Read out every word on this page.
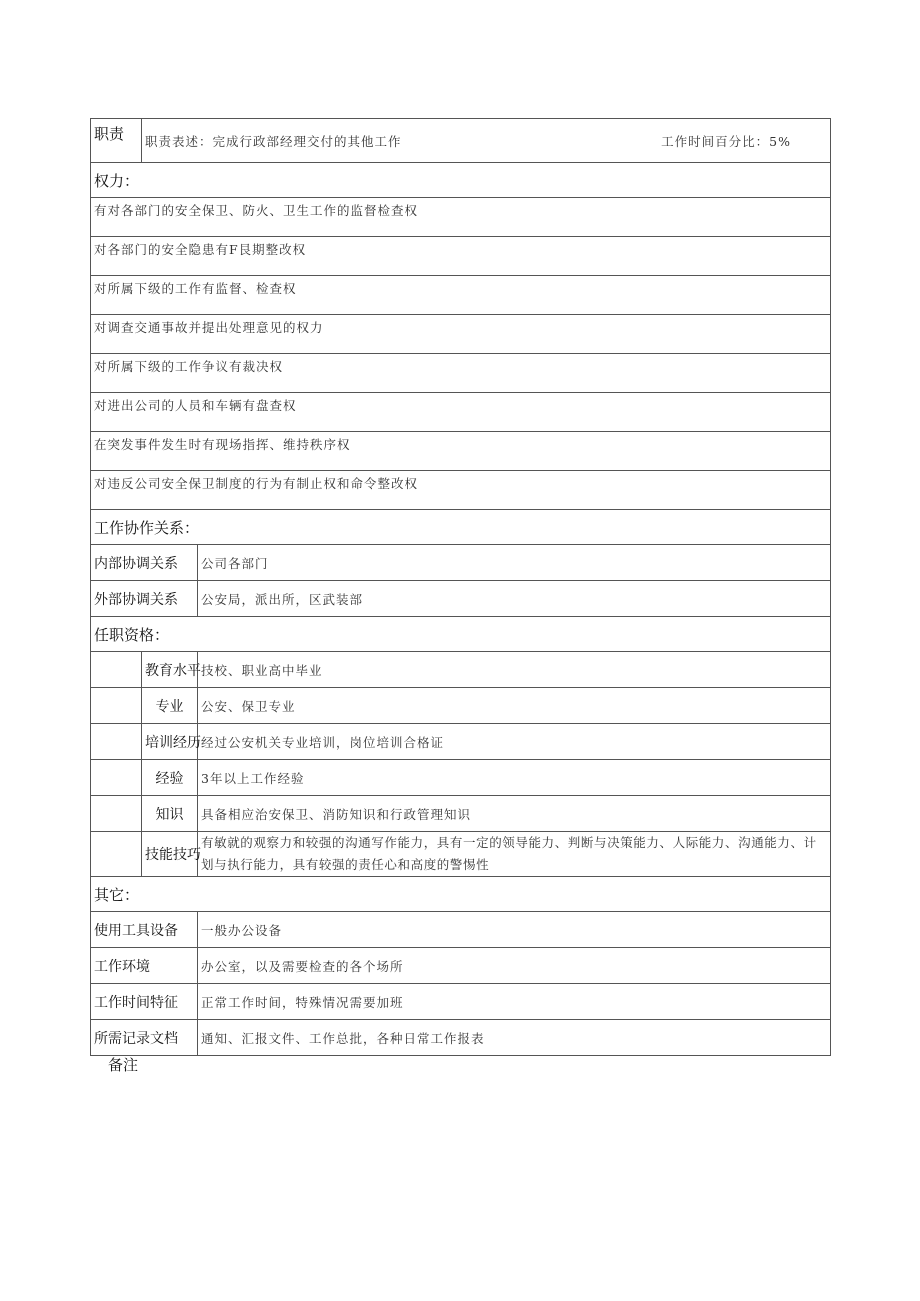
职责	职责表述：完成行政部经理交付的其他工作 工作时间百分比：5%	

权力：		
有对各部门的安全保卫、防火、卫生工作的监督检查权		
对各部门的安全隐患有F艮期整改权		
对所属下级的工作有监督、检查权		
对调查交通事故并提出处理意见的权力		
对所属下级的工作争议有裁决权		
对进出公司的人员和车辆有盘查权		
在突发事件发生时有现场指挥、维持秩序权		
对违反公司安全保卫制度的行为有制止权和命令整改权		
工作协作关系：		
内部协调关系		公司各部门
外部协调关系		公安局，派出所，区武装部
任职资格：		
	教育水平	技校、职业高中毕业
	专业	公安、保卫专业
	培训经历	经过公安机关专业培训，岗位培训合格证
	经验	3年以上工作经验
	知识	具备相应治安保卫、消防知识和行政管理知识
	技能技巧	有敏就的观察力和较强的沟通写作能力，具有一定的领导能力、判断与决策能力、人际能力、沟通能力、计划与执行能力，具有较强的责任心和高度的警惕性
其它：		
使用工具设备		一般办公设备
工作环境		办公室，以及需要检查的各个场所
工作时间特征		正常工作时间，特殊情况需要加班
所需记录文档		通知、汇报文件、工作总批，各种日常工作报表
备注
